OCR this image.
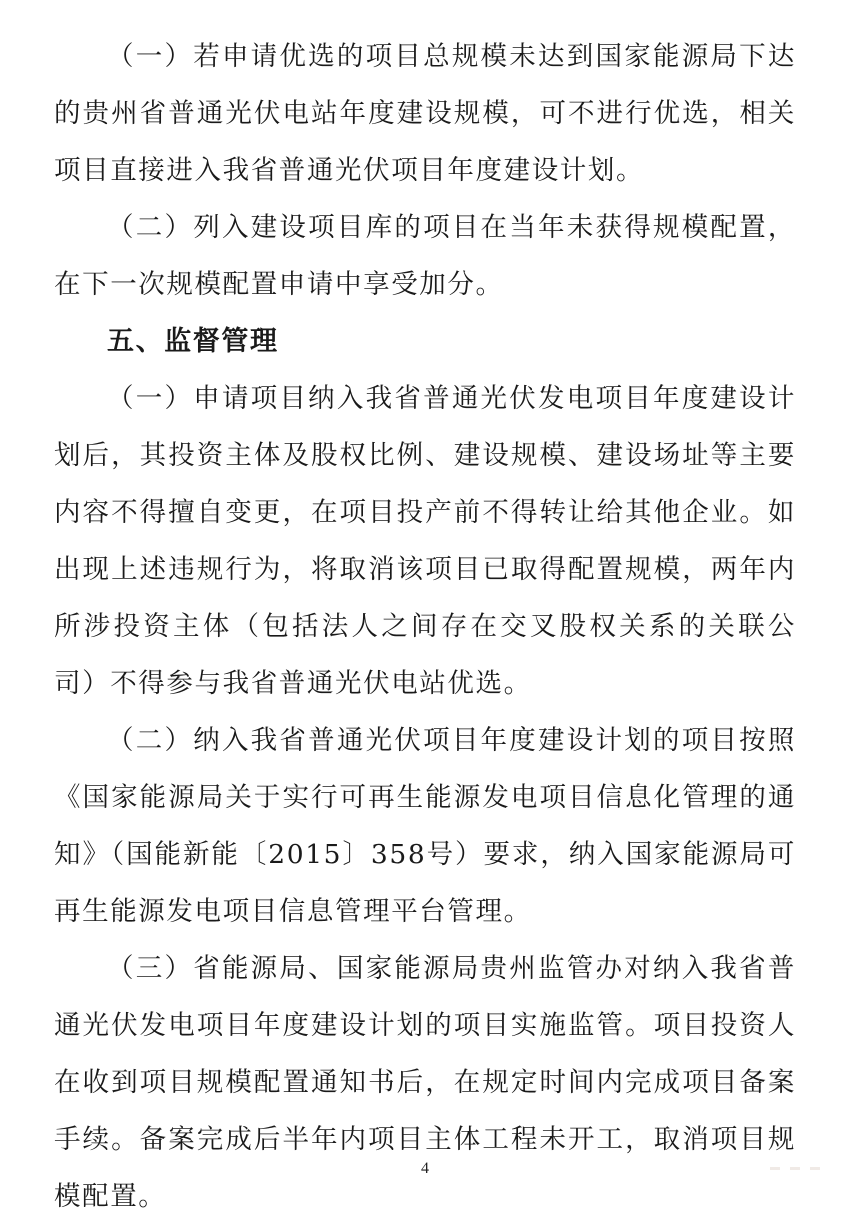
（一）若申请优选的项目总规模未达到国家能源局下达的贵州省普通光伏电站年度建设规模，可不进行优选，相关项目直接进入我省普通光伏项目年度建设计划。

（二）列入建设项目库的项目在当年未获得规模配置，在下一次规模配置申请中享受加分。

五、监督管理

（一）申请项目纳入我省普通光伏发电项目年度建设计划后，其投资主体及股权比例、建设规模、建设场址等主要内容不得擅自变更，在项目投产前不得转让给其他企业。如出现上述违规行为，将取消该项目已取得配置规模，两年内所涉投资主体（包括法人之间存在交叉股权关系的关联公司）不得参与我省普通光伏电站优选。

（二）纳入我省普通光伏项目年度建设计划的项目按照《国家能源局关于实行可再生能源发电项目信息化管理的通知》（国能新能〔2015〕358号）要求，纳入国家能源局可再生能源发电项目信息管理平台管理。

（三）省能源局、国家能源局贵州监管办对纳入我省普通光伏发电项目年度建设计划的项目实施监管。项目投资人在收到项目规模配置通知书后，在规定时间内完成项目备案手续。备案完成后半年内项目主体工程未开工，取消项目规模配置。

4
